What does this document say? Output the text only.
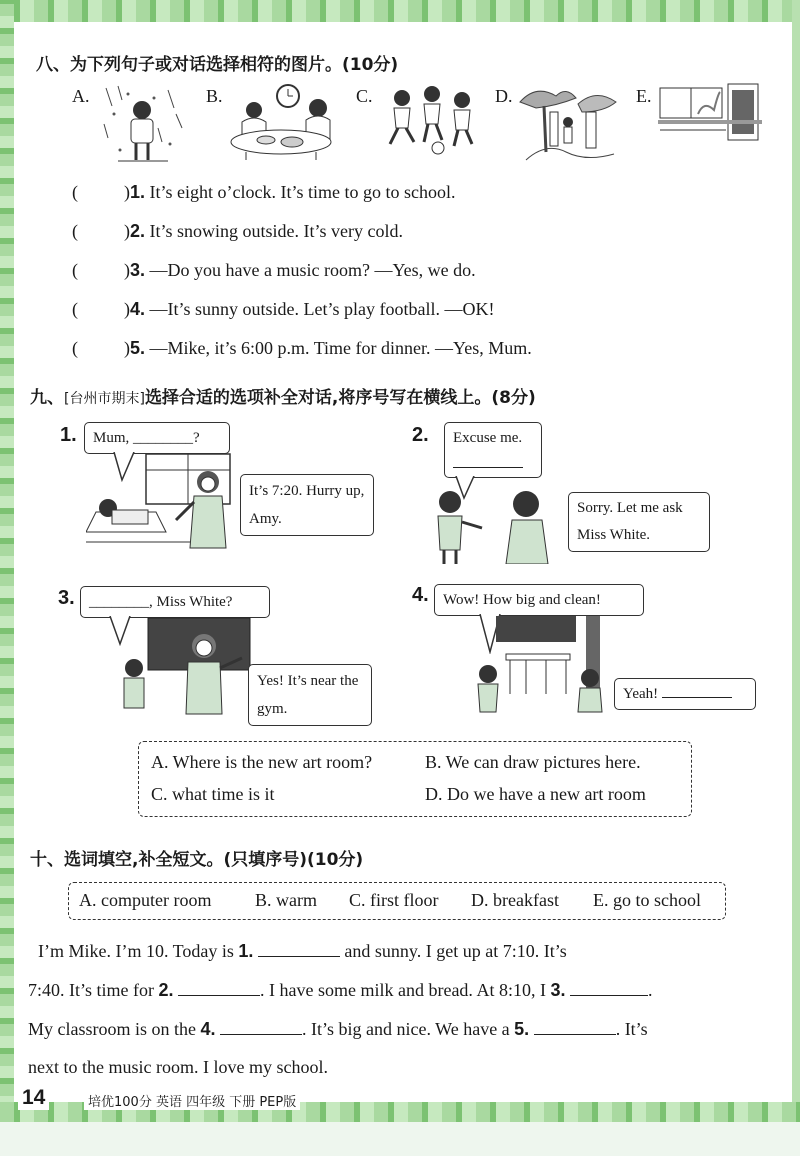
八、为下列句子或对话选择相符的图片。(10分)
A.	B.	C.	D.	E.
(	)1. It’s eight o’clock. It’s time to go to school.
(	)2. It’s snowing outside. It’s very cold.
(	)3. —Do you have a music room? —Yes, we do.
(	)4. —It’s sunny outside. Let’s play football. —OK!
(	)5. —Mike, it’s 6:00 p.m. Time for dinner. —Yes, Mum.
九、[台州市期末]选择合适的选项补全对话,将序号写在横线上。(8分)
1.	Mum, ________?
It’s 7:20. Hurry up, Amy.
2.	Excuse me.

Sorry. Let me ask Miss White.
3. ________, Miss White?
Yes! It’s near the gym.
4. Wow! How big and clean!
Yeah!
A. Where is the new art room?	B. We can draw pictures here.
C. what time is it	D. Do we have a new art room
十、选词填空,补全短文。(只填序号)(10分)
A. computer room B. warm C. first floor D. breakfast E. go to school
I’m Mike. I’m 10. Today is 1.	and sunny. I get up at 7:10. It’s
7:40. It’s time for 2.	. I have some milk and bread. At 8:10, I 3.	.
My classroom is on the 4.	. It’s big and nice. We have a 5.	. It’s
next to the music room. I love my school.
14	培优100分 英语 四年级 下册 PEP版
